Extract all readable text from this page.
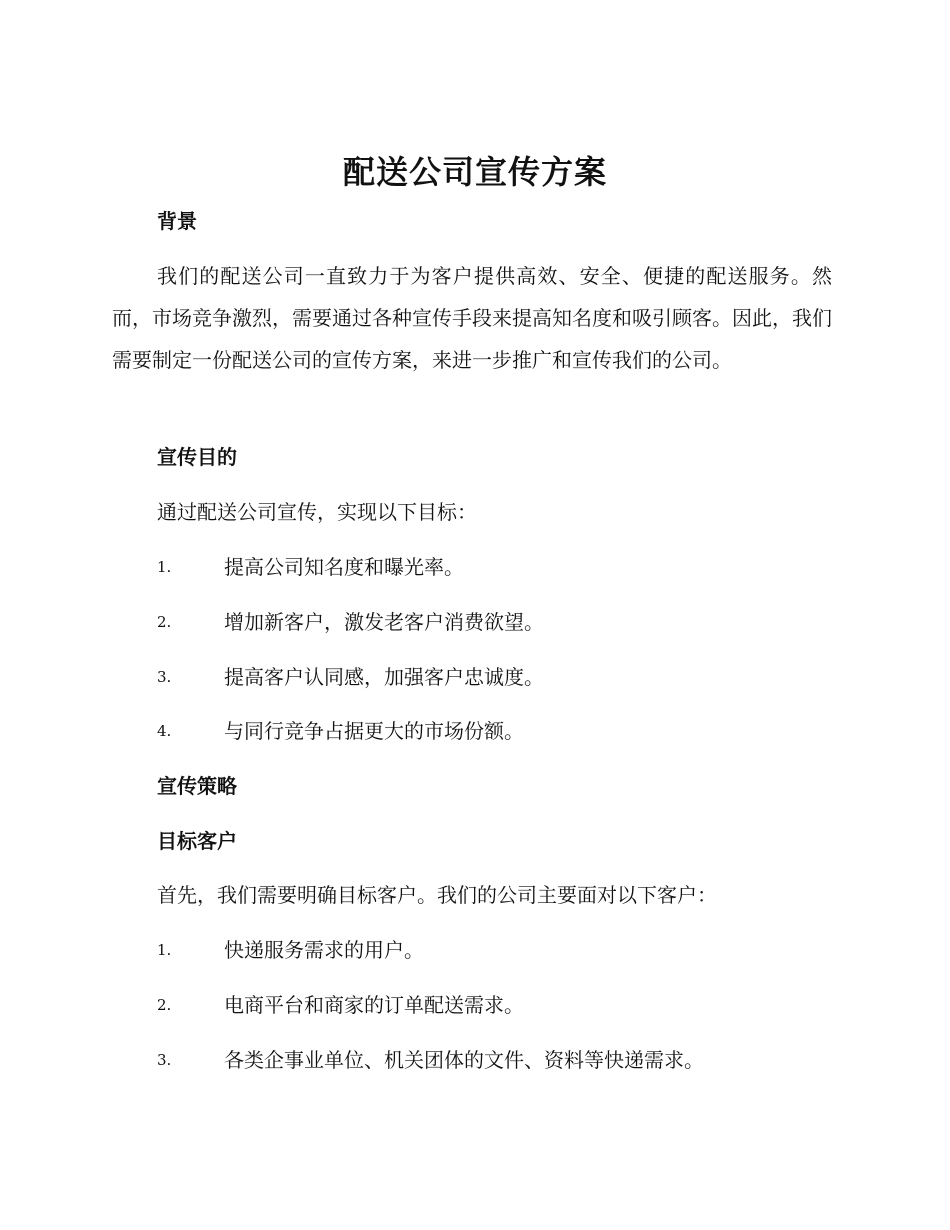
配送公司宣传方案
背景
我们的配送公司一直致力于为客户提供高效、安全、便捷的配送服务。然而，市场竞争激烈，需要通过各种宣传手段来提高知名度和吸引顾客。因此，我们需要制定一份配送公司的宣传方案，来进一步推广和宣传我们的公司。
宣传目的
通过配送公司宣传，实现以下目标：
1.	提高公司知名度和曝光率。
2.	增加新客户，激发老客户消费欲望。
3.	提高客户认同感，加强客户忠诚度。
4.	与同行竞争占据更大的市场份额。
宣传策略
目标客户
首先，我们需要明确目标客户。我们的公司主要面对以下客户：
1.	快递服务需求的用户。
2.	电商平台和商家的订单配送需求。
3.	各类企事业单位、机关团体的文件、资料等快递需求。
